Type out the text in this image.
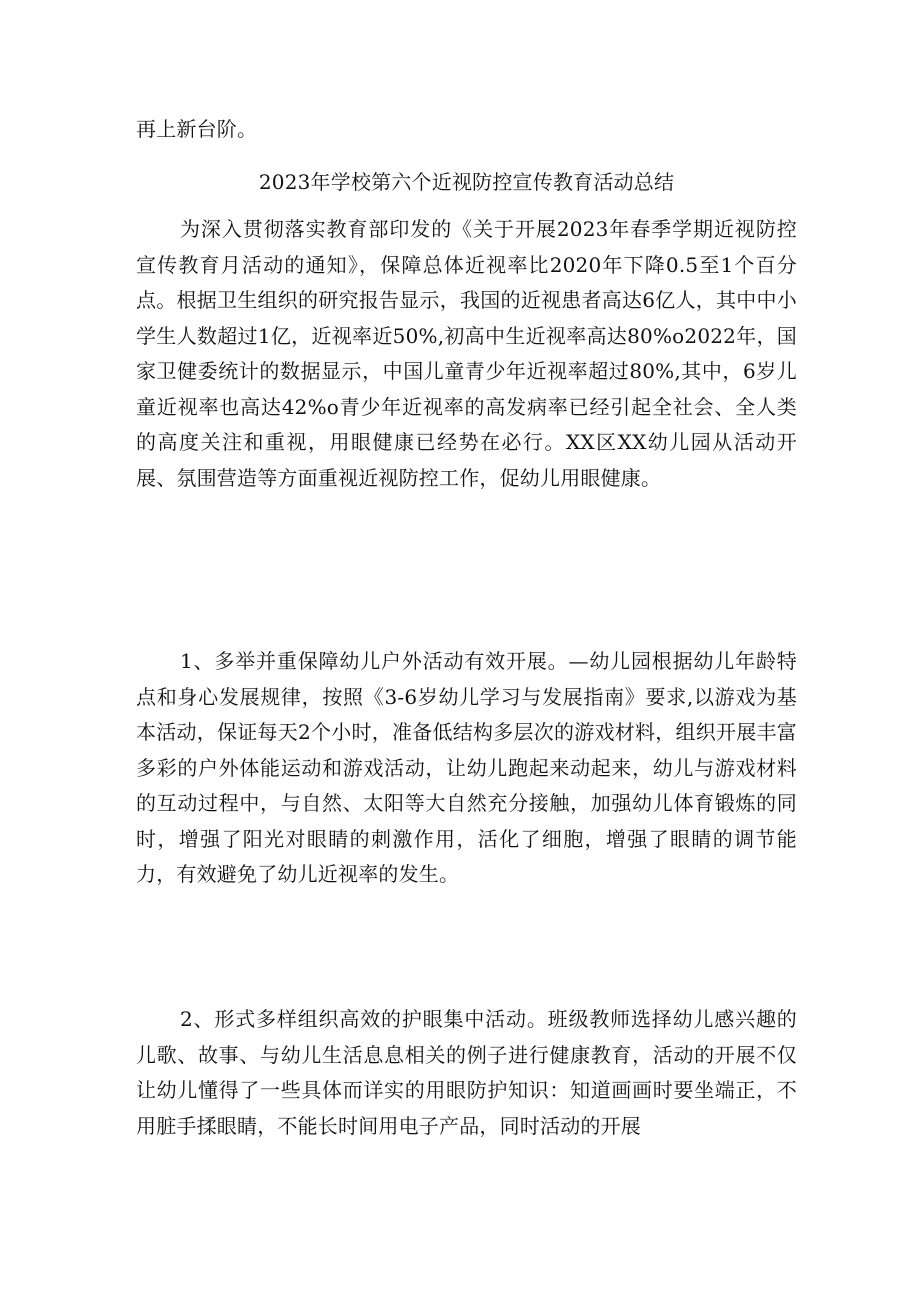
再上新台阶。
2023年学校第六个近视防控宣传教育活动总结
为深入贯彻落实教育部印发的《关于开展2023年春季学期近视防控宣传教育月活动的通知》，保障总体近视率比2020年下降0.5至1个百分点。根据卫生组织的研究报告显示，我国的近视患者高达6亿人，其中中小学生人数超过1亿，近视率近50%,初高中生近视率高达80%o2022年，国家卫健委统计的数据显示，中国儿童青少年近视率超过80%,其中，6岁儿童近视率也高达42%o青少年近视率的高发病率已经引起全社会、全人类的高度关注和重视，用眼健康已经势在必行。XX区XX幼儿园从活动开展、氛围营造等方面重视近视防控工作，促幼儿用眼健康。
1、多举并重保障幼儿户外活动有效开展。—幼儿园根据幼儿年龄特点和身心发展规律，按照《3-6岁幼儿学习与发展指南》要求,以游戏为基本活动，保证每天2个小时，准备低结构多层次的游戏材料，组织开展丰富多彩的户外体能运动和游戏活动，让幼儿跑起来动起来，幼儿与游戏材料的互动过程中，与自然、太阳等大自然充分接触，加强幼儿体育锻炼的同时，增强了阳光对眼睛的刺激作用，活化了细胞，增强了眼睛的调节能力，有效避免了幼儿近视率的发生。
2、形式多样组织高效的护眼集中活动。班级教师选择幼儿感兴趣的儿歌、故事、与幼儿生活息息相关的例子进行健康教育，活动的开展不仅让幼儿懂得了一些具体而详实的用眼防护知识：知道画画时要坐端正，不用脏手揉眼睛，不能长时间用电子产品，同时活动的开展
